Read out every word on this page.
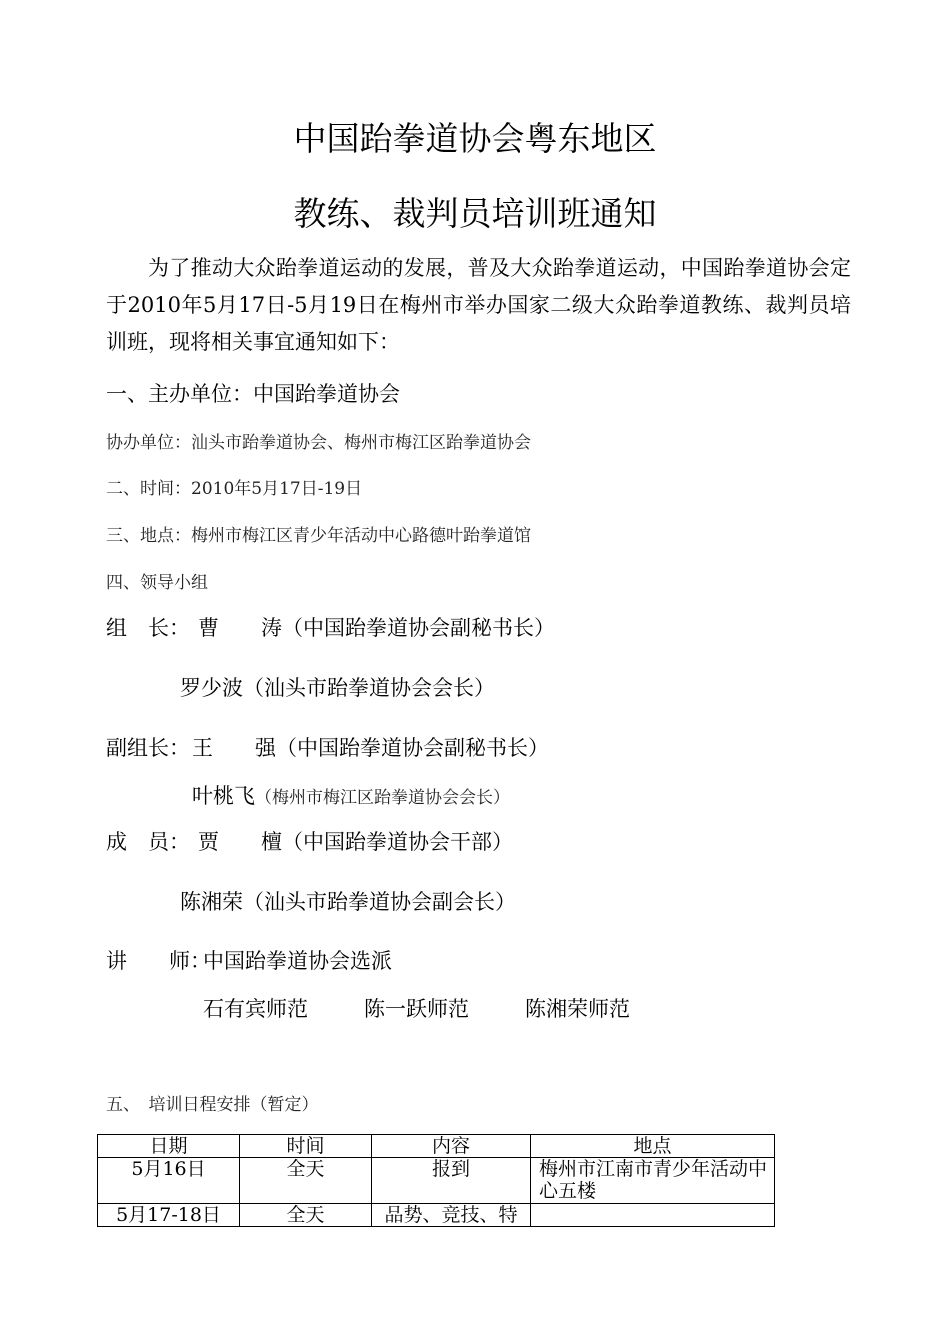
中国跆拳道协会粤东地区
教练、裁判员培训班通知
为了推动大众跆拳道运动的发展，普及大众跆拳道运动，中国跆拳道协会定于2010年5月17日-5月19日在梅州市举办国家二级大众跆拳道教练、裁判员培训班，现将相关事宜通知如下：
一、主办单位：中国跆拳道协会
协办单位：汕头市跆拳道协会、梅州市梅江区跆拳道协会
二、时间：2010年5月17日-19日
三、地点：梅州市梅江区青少年活动中心路德叶跆拳道馆
四、领导小组
组　长： 曹　　涛（中国跆拳道协会副秘书长）
罗少波（汕头市跆拳道协会会长）
副组长： 王　　强（中国跆拳道协会副秘书长）
叶桃飞（梅州市梅江区跆拳道协会会长）
成　员： 贾　　檀（中国跆拳道协会干部）
陈湘荣（汕头市跆拳道协会副会长）
讲　　师：
中国跆拳道协会选派
石有宾师范	陈一跃师范	陈湘荣师范
五、　培训日程安排（暂定）
日期	时间	内容	地点
5月16日	全天	报到	梅州市江南市青少年活动中心五楼
5月17-18日	全天	品势、竞技、特	
